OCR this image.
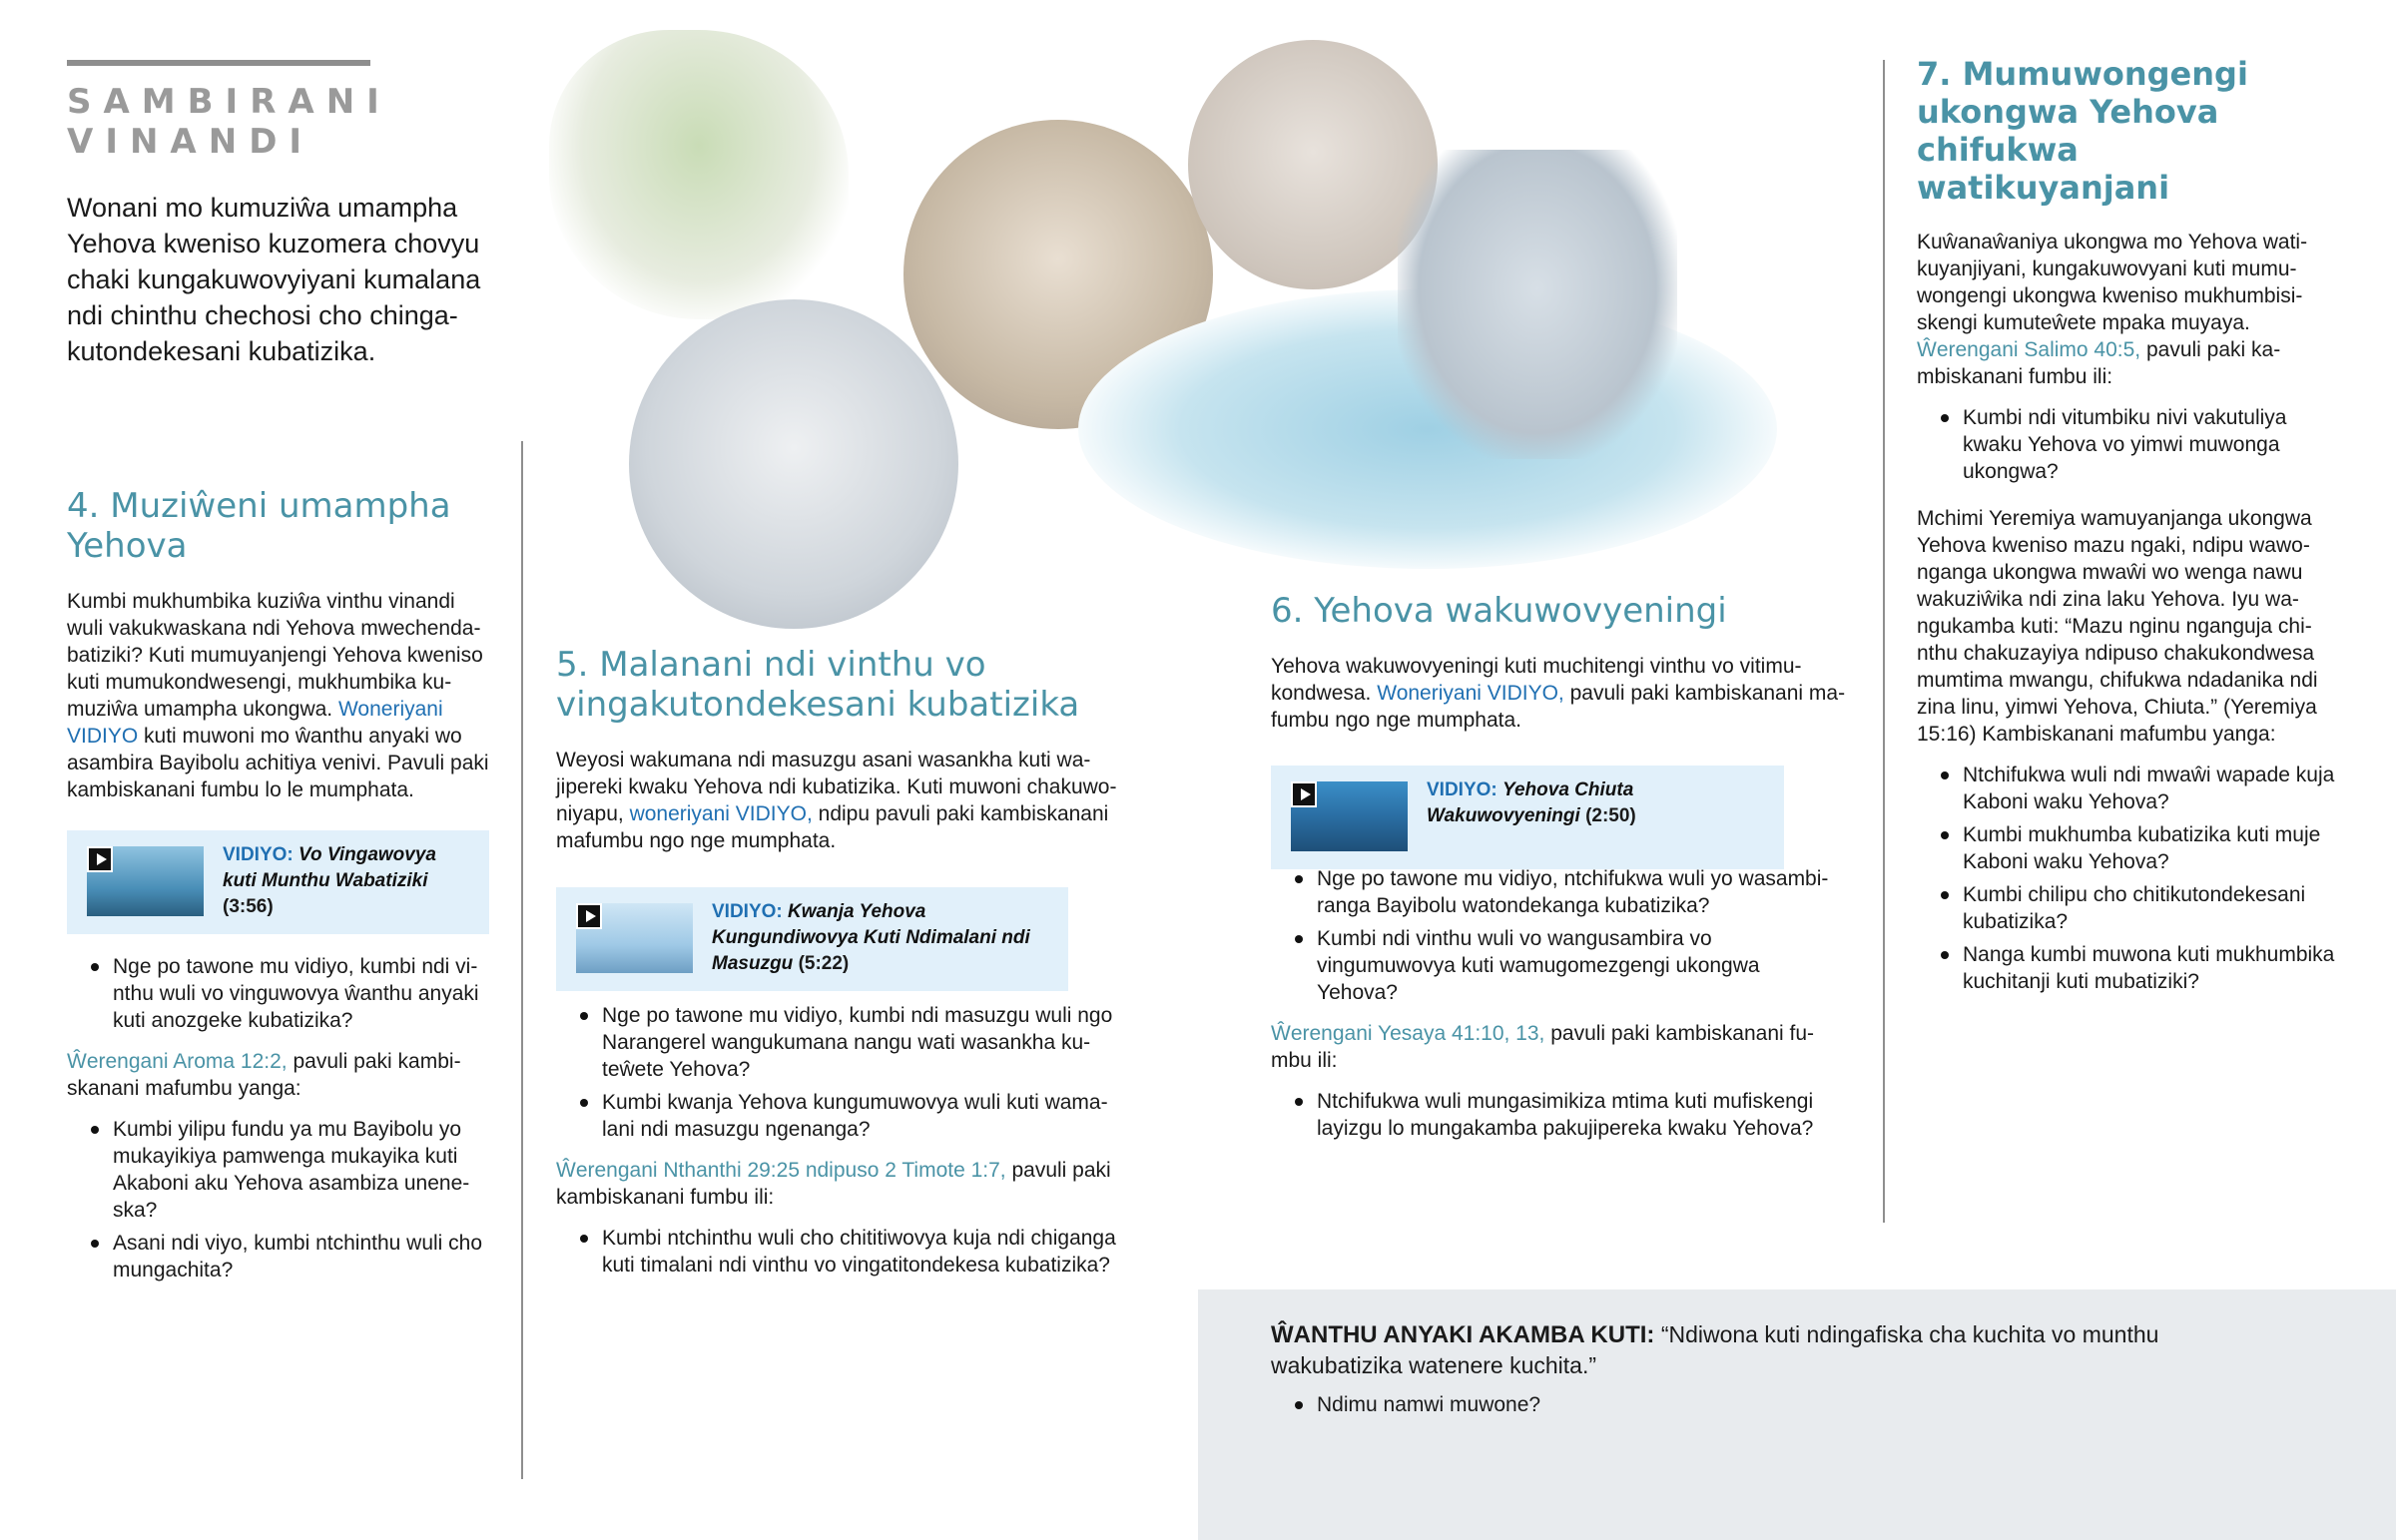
SAMBIRANI
VINANDI

Wonani mo kumuziŵa umampha Yehova kweniso kuzomera chovyu chaki kungakuwovyiyani kumalana ndi chinthu chechosi cho chingakutondekesani kubatizika.

4. Muziŵeni umampha Yehova

Kumbi mukhumbika kuziŵa vinthu vinandi wuli vakukwaskana ndi Yehova mwechendabatiziki? Kuti mumuyanjengi Yehova kweniso kuti mumukondwesengi, mukhumbika kumuziŵa umampha ukongwa. Woneriyani VIDIYO kuti muwoni mo ŵanthu anyaki wo asambira Bayibolu achitiya venivi. Pavuli paki kambiskanani fumbu lo le mumphata.

VIDIYO: Vo Vingawovya kuti Munthu Wabatiziki (3:56)
Nge po tawone mu vidiyo, kumbi ndi vinthu wuli vo vinguwovya ŵanthu anyaki kuti anozgeke kubatizika?

Ŵerengani Aroma 12:2, pavuli paki kambiskanani mafumbu yanga:

Kumbi yilipu fundu ya mu Bayibolu yo mukayikiya pamwenga mukayika kuti Akaboni aku Yehova asambiza uneneska?
Asani ndi viyo, kumbi ntchinthu wuli cho mungachita?
5. Malanani ndi vinthu vo vingakutondekesani kubatizika

Weyosi wakumana ndi masuzgu asani wasankha kuti wajipereki kwaku Yehova ndi kubatizika. Kuti muwoni chakuwoniyapu, woneriyani VIDIYO, ndipu pavuli paki kambiskanani mafumbu ngo nge mumphata.

VIDIYO: Kwanja Yehova Kungundiwovya Kuti Ndimalani ndi Masuzgu (5:22)
Nge po tawone mu vidiyo, kumbi ndi masuzgu wuli ngo Narangerel wangukumana nangu wati wasankha kuteŵete Yehova?
Kumbi kwanja Yehova kungumuwovya wuli kuti wamalani ndi masuzgu ngenanga?

Ŵerengani Nthanthi 29:25 ndipuso 2 Timote 1:7, pavuli paki kambiskanani fumbu ili:

Kumbi ntchinthu wuli cho chititiwovya kuja ndi chiganga kuti timalani ndi vinthu vo vingatitondekesa kubatizika?
6. Yehova wakuwovyeningi

Yehova wakuwovyeningi kuti muchitengi vinthu vo vitimukondwesa. Woneriyani VIDIYO, pavuli paki kambiskanani mafumbu ngo nge mumphata.

VIDIYO: Yehova Chiuta Wakuwovyeningi (2:50)
Nge po tawone mu vidiyo, ntchifukwa wuli yo wasambiranga Bayibolu watondekanga kubatizika?
Kumbi ndi vinthu wuli vo wangusambira vo vingumuwovya kuti wamugomezgengi ukongwa Yehova?

Ŵerengani Yesaya 41:10, 13, pavuli paki kambiskanani fumbu ili:

Ntchifukwa wuli mungasimikiza mtima kuti mufiskengi layizgu lo mungakamba pakujipereka kwaku Yehova?
7. Mumuwongengi ukongwa Yehova chifukwa watikuyanjani

Kuŵanaŵaniya ukongwa mo Yehova watikuyanjiyani, kungakuwovyani kuti mumuwongengi ukongwa kweniso mukhumbisiskengi kumuteŵete mpaka muyaya.

Ŵerengani Salimo 40:5, pavuli paki kambiskanani fumbu ili:

Kumbi ndi vitumbiku nivi vakutuliya kwaku Yehova vo yimwi muwonga ukongwa?

Mchimi Yeremiya wamuyanjanga ukongwa Yehova kweniso mazu ngaki, ndipu wawonganga ukongwa mwaŵi wo wenga nawu wakuziŵika ndi zina laku Yehova. Iyu wangukamba kuti: “Mazu nginu nganguja chinthu chakuzayiya ndipuso chakukondwesa mumtima mwangu, chifukwa ndadanika ndi zina linu, yimwi Yehova, Chiuta.” (Yeremiya 15:16) Kambiskanani mafumbu yanga:

Ntchifukwa wuli ndi mwaŵi wapade kuja Kaboni waku Yehova?
Kumbi mukhumba kubatizika kuti muje Kaboni waku Yehova?
Kumbi chilipu cho chitikutondekesani kubatizika?
Nanga kumbi muwona kuti mukhumbika kuchitanji kuti mubatiziki?

ŴANTHU ANYAKI AKAMBA KUTI: “Ndiwona kuti ndingafiska cha kuchita vo munthu wakubatizika watenere kuchita.”

Ndimu namwi muwone?
